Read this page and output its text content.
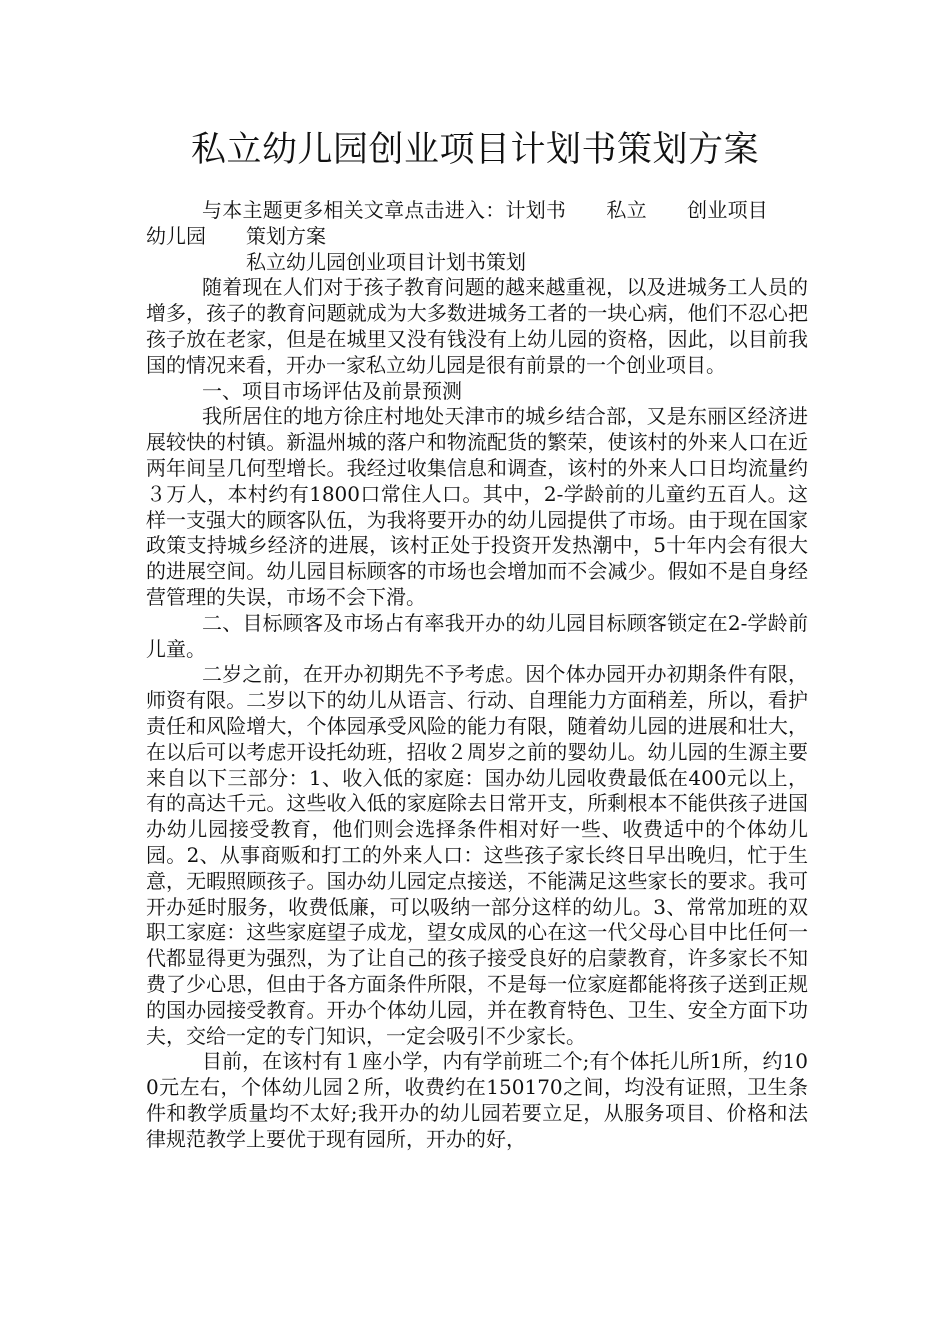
私立幼儿园创业项目计划书策划方案

与本主题更多相关文章点击进入：计划书 私立 创业项目幼儿园 策划方案

私立幼儿园创业项目计划书策划

随着现在人们对于孩子教育问题的越来越重视，以及进城务工人员的增多，孩子的教育问题就成为大多数进城务工者的一块心病，他们不忍心把孩子放在老家，但是在城里又没有钱没有上幼儿园的资格，因此，以目前我国的情况来看，开办一家私立幼儿园是很有前景的一个创业项目。

一、项目市场评估及前景预测

我所居住的地方徐庄村地处天津市的城乡结合部，又是东丽区经济进展较快的村镇。新温州城的落户和物流配货的繁荣，使该村的外来人口在近两年间呈几何型增长。我经过收集信息和调查，该村的外来人口日均流量约３万人，本村约有1800口常住人口。其中，2-学龄前的儿童约五百人。这样一支强大的顾客队伍，为我将要开办的幼儿园提供了市场。由于现在国家政策支持城乡经济的进展，该村正处于投资开发热潮中，5十年内会有很大的进展空间。幼儿园目标顾客的市场也会增加而不会减少。假如不是自身经营管理的失误，市场不会下滑。

二、目标顾客及市场占有率我开办的幼儿园目标顾客锁定在2-学龄前儿童。

二岁之前，在开办初期先不予考虑。因个体办园开办初期条件有限，师资有限。二岁以下的幼儿从语言、行动、自理能力方面稍差，所以，看护责任和风险增大，个体园承受风险的能力有限，随着幼儿园的进展和壮大，在以后可以考虑开设托幼班，招收２周岁之前的婴幼儿。幼儿园的生源主要来自以下三部分：1、收入低的家庭：国办幼儿园收费最低在400元以上，有的高达千元。这些收入低的家庭除去日常开支，所剩根本不能供孩子进国办幼儿园接受教育，他们则会选择条件相对好一些、收费适中的个体幼儿园。2、从事商贩和打工的外来人口：这些孩子家长终日早出晚归，忙于生意，无暇照顾孩子。国办幼儿园定点接送，不能满足这些家长的要求。我可开办延时服务，收费低廉，可以吸纳一部分这样的幼儿。3、常常加班的双职工家庭：这些家庭望子成龙，望女成凤的心在这一代父母心目中比任何一代都显得更为强烈，为了让自己的孩子接受良好的启蒙教育，许多家长不知费了少心思，但由于各方面条件所限，不是每一位家庭都能将孩子送到正规的国办园接受教育。开办个体幼儿园，并在教育特色、卫生、安全方面下功夫，交给一定的专门知识，一定会吸引不少家长。

目前，在该村有１座小学，内有学前班二个;有个体托儿所1所，约100元左右，个体幼儿园２所，收费约在150170之间，均没有证照，卫生条件和教学质量均不太好;我开办的幼儿园若要立足，从服务项目、价格和法律规范教学上要优于现有园所，开办的好，
